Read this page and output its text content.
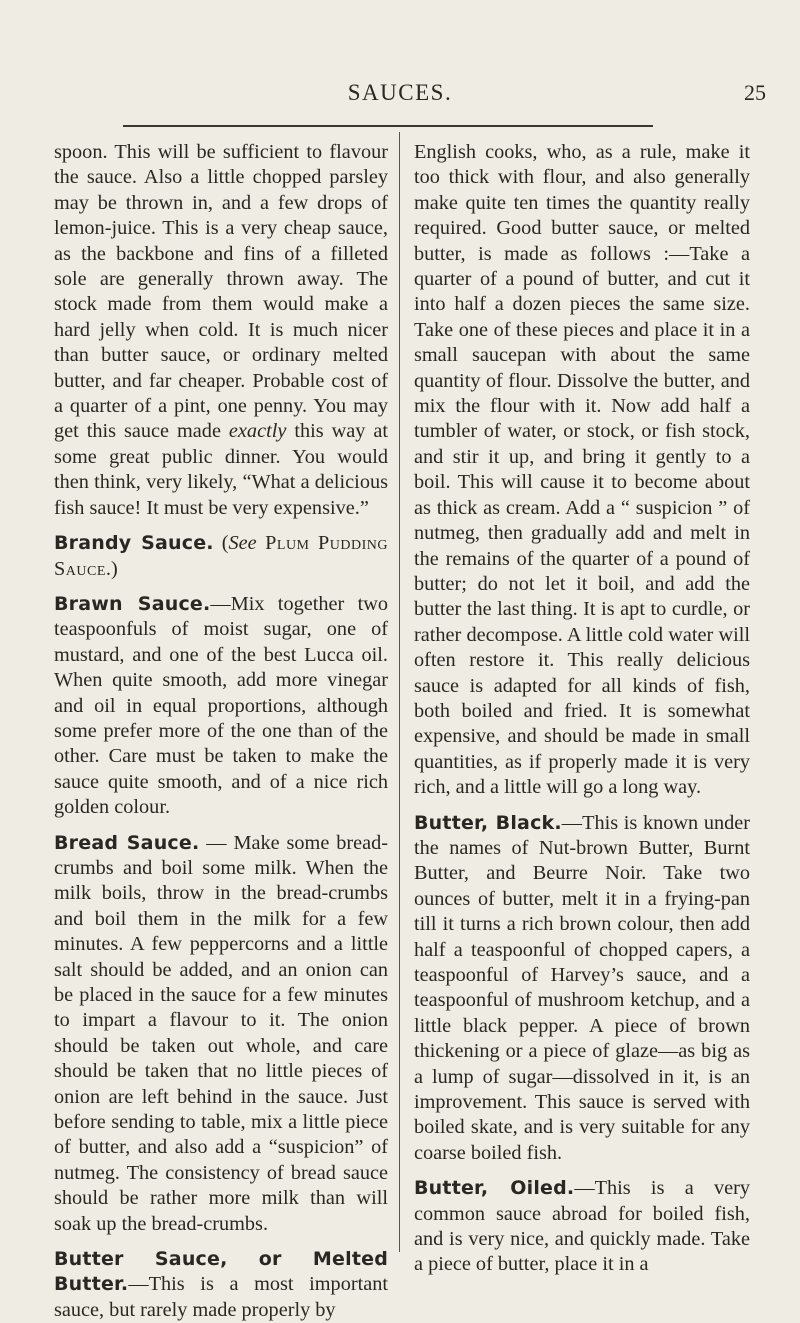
SAUCES.	25

spoon. This will be sufficient to flavour the sauce. Also a little chopped parsley may be thrown in, and a few drops of lemon-juice. This is a very cheap sauce, as the backbone and fins of a filleted sole are generally thrown away. The stock made from them would make a hard jelly when cold. It is much nicer than butter sauce, or ordinary melted butter, and far cheaper. Probable cost of a quarter of a pint, one penny. You may get this sauce made exactly this way at some great public dinner. You would then think, very likely, “What a delicious fish sauce! It must be very expensive.”

Brandy Sauce. (See Plum Pudding Sauce.)

Brawn Sauce.—Mix together two teaspoonfuls of moist sugar, one of mustard, and one of the best Lucca oil. When quite smooth, add more vinegar and oil in equal proportions, although some prefer more of the one than of the other. Care must be taken to make the sauce quite smooth, and of a nice rich golden colour.

Bread Sauce. — Make some bread-crumbs and boil some milk. When the milk boils, throw in the bread-crumbs and boil them in the milk for a few minutes. A few peppercorns and a little salt should be added, and an onion can be placed in the sauce for a few minutes to impart a flavour to it. The onion should be taken out whole, and care should be taken that no little pieces of onion are left behind in the sauce. Just before sending to table, mix a little piece of butter, and also add a “suspicion” of nutmeg. The consistency of bread sauce should be rather more milk than will soak up the bread-crumbs.

Butter Sauce, or Melted Butter.—This is a most important sauce, but rarely made properly by

English cooks, who, as a rule, make it too thick with flour, and also generally make quite ten times the quantity really required. Good butter sauce, or melted butter, is made as follows :—Take a quarter of a pound of butter, and cut it into half a dozen pieces the same size. Take one of these pieces and place it in a small saucepan with about the same quantity of flour. Dissolve the butter, and mix the flour with it. Now add half a tumbler of water, or stock, or fish stock, and stir it up, and bring it gently to a boil. This will cause it to become about as thick as cream. Add a “ suspicion ” of nutmeg, then gradually add and melt in the remains of the quarter of a pound of butter; do not let it boil, and add the butter the last thing. It is apt to curdle, or rather decompose. A little cold water will often restore it. This really delicious sauce is adapted for all kinds of fish, both boiled and fried. It is somewhat expensive, and should be made in small quantities, as if properly made it is very rich, and a little will go a long way.

Butter, Black.—This is known under the names of Nut-brown Butter, Burnt Butter, and Beurre Noir. Take two ounces of butter, melt it in a frying-pan till it turns a rich brown colour, then add half a teaspoonful of chopped capers, a teaspoonful of Harvey’s sauce, and a teaspoonful of mushroom ketchup, and a little black pepper. A piece of brown thickening or a piece of glaze—as big as a lump of sugar—dissolved in it, is an improvement. This sauce is served with boiled skate, and is very suitable for any coarse boiled fish.

Butter, Oiled.—This is a very common sauce abroad for boiled fish, and is very nice, and quickly made. Take a piece of butter, place it in a
